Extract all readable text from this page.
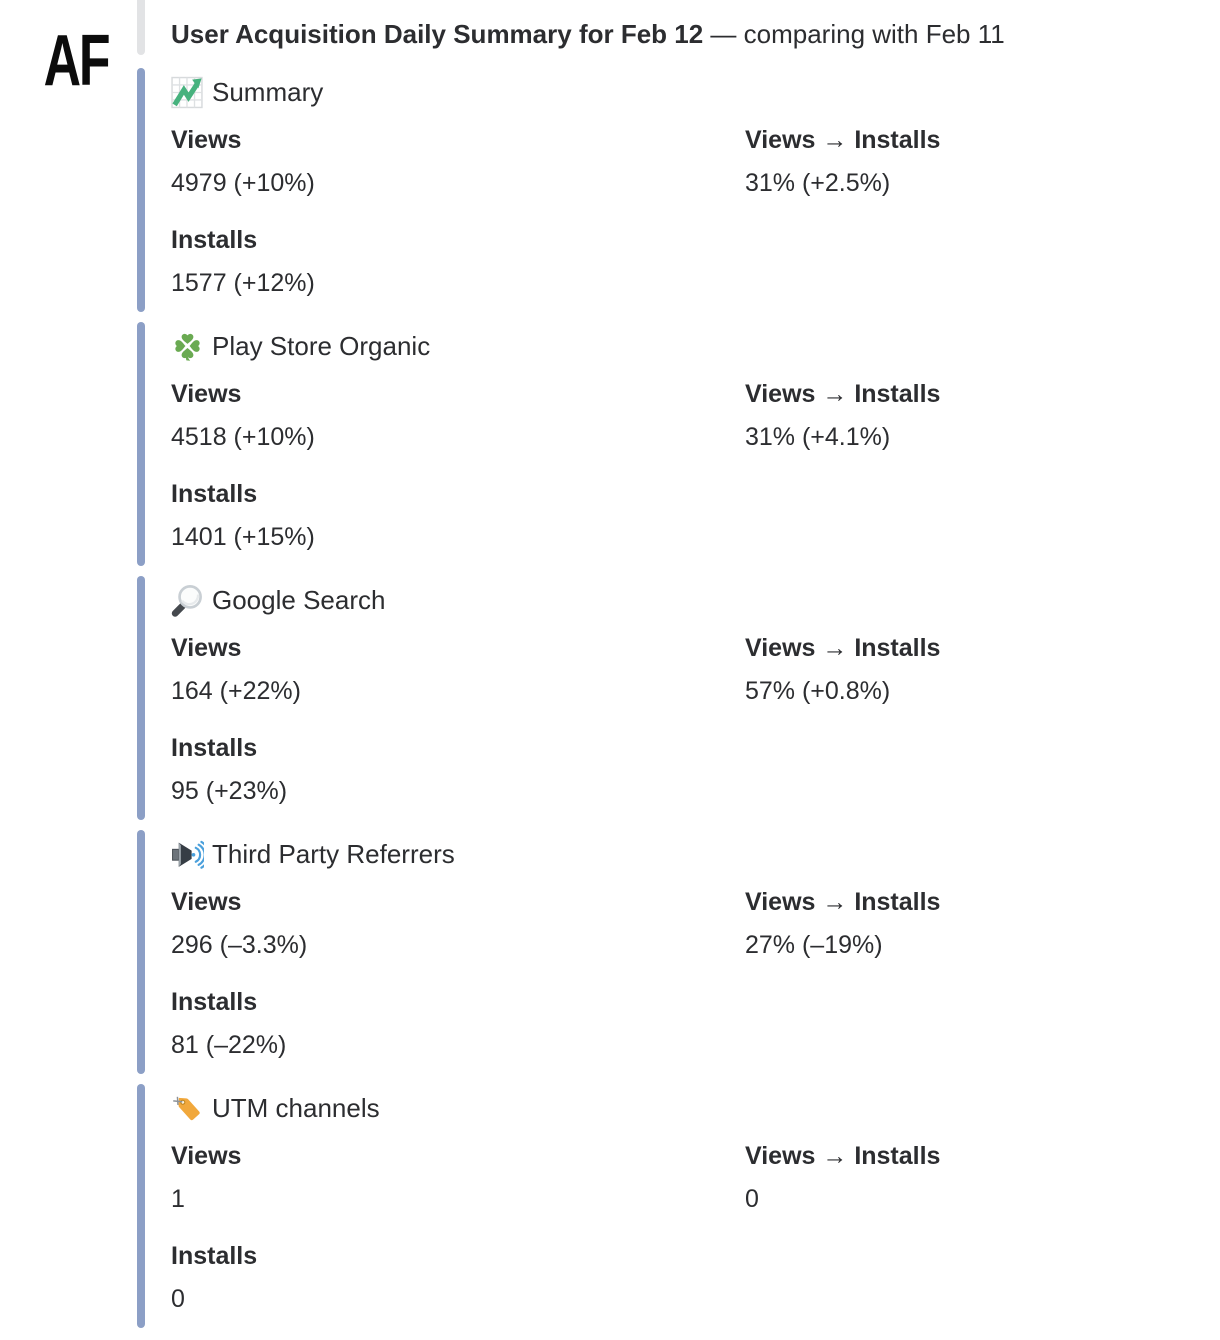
AF	User Acquisition Daily Summary for Feb 12 — comparing with Feb 11
Summary
Views
4979 (+10%)
Views → Installs
31% (+2.5%)
Installs
1577 (+12%)
Play Store Organic
Views
4518 (+10%)
Views → Installs
31% (+4.1%)
Installs
1401 (+15%)
Google Search
Views
164 (+22%)
Views → Installs
57% (+0.8%)
Installs
95 (+23%)
Third Party Referrers
Views
296 (–3.3%)
Views → Installs
27% (–19%)
Installs
81 (–22%)
UTM channels
Views
1
Views → Installs
0
Installs
0
